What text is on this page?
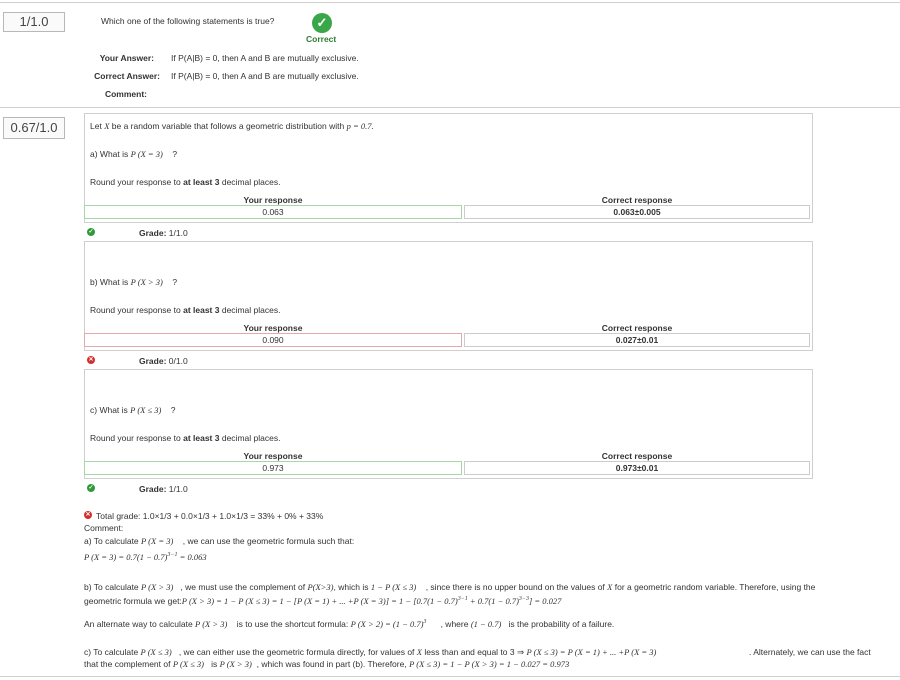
1/1.0	Which one of the following statements is true?	✓
Correct
Your Answer: If P(A|B) = 0, then A and B are mutually exclusive.
Correct Answer: If P(A|B) = 0, then A and B are mutually exclusive.
Comment:
0.67/1.0	Let X be a random variable that follows a geometric distribution with p = 0.7.
a) What is P (X = 3) ?
Round your response to at least 3 decimal places.
Your response	Correct response
0.063	0.063±0.005
✓	Grade: 1/1.0
b) What is P (X > 3) ?
Round your response to at least 3 decimal places.
Your response	Correct response
0.090	0.027±0.01
✕	Grade: 0/1.0
c) What is P (X ≤ 3) ?
Round your response to at least 3 decimal places.
Your response	Correct response
0.973	0.973±0.01
✓	Grade: 1/1.0
✕ Total grade: 1.0×1/3 + 0.0×1/3 + 1.0×1/3 = 33% + 0% + 33%
Comment:
a) To calculate P (X = 3) , we can use the geometric formula such that:
P $(X = 3) = 0.7(1 - 0.7)^{3-1} = 0.063$
b) To calculate P (X > 3) , we must use the complement of P(X>3), which is 1 − P (X ≤ 3) , since there is no upper bound on the values of X for a geometric random variable. Therefore, using the
geometric formula we get:P (X > 3) = 1 − P (X ≤ 3) = 1 − [P (X = 1) + ... +P $(X = 3)] = 1 - [0.7(1 - 0.7)^{3-1} + 0.7(1 - 0.7)^{3-3}] = 0.027$
An alternate way to calculate P (X > 3)    is to use the shortcut formula: P $(X > 2) = (1 - 0.7)^3$ , where (1 − 0.7)   is the probability of a failure.
c) To calculate P (X ≤ 3) , we can either use the geometric formula directly, for values of X less than and equal to 3 ⇒ P (X ≤ 3) = P (X = 1) + ... +P (X = 3)	. Alternately, we can use the fact
that the complement of P (X ≤ 3)   is P (X > 3) , which was found in part (b). Therefore, P (X ≤ 3) = 1 − P (X > 3) = 1 − 0.027 = 0.973
